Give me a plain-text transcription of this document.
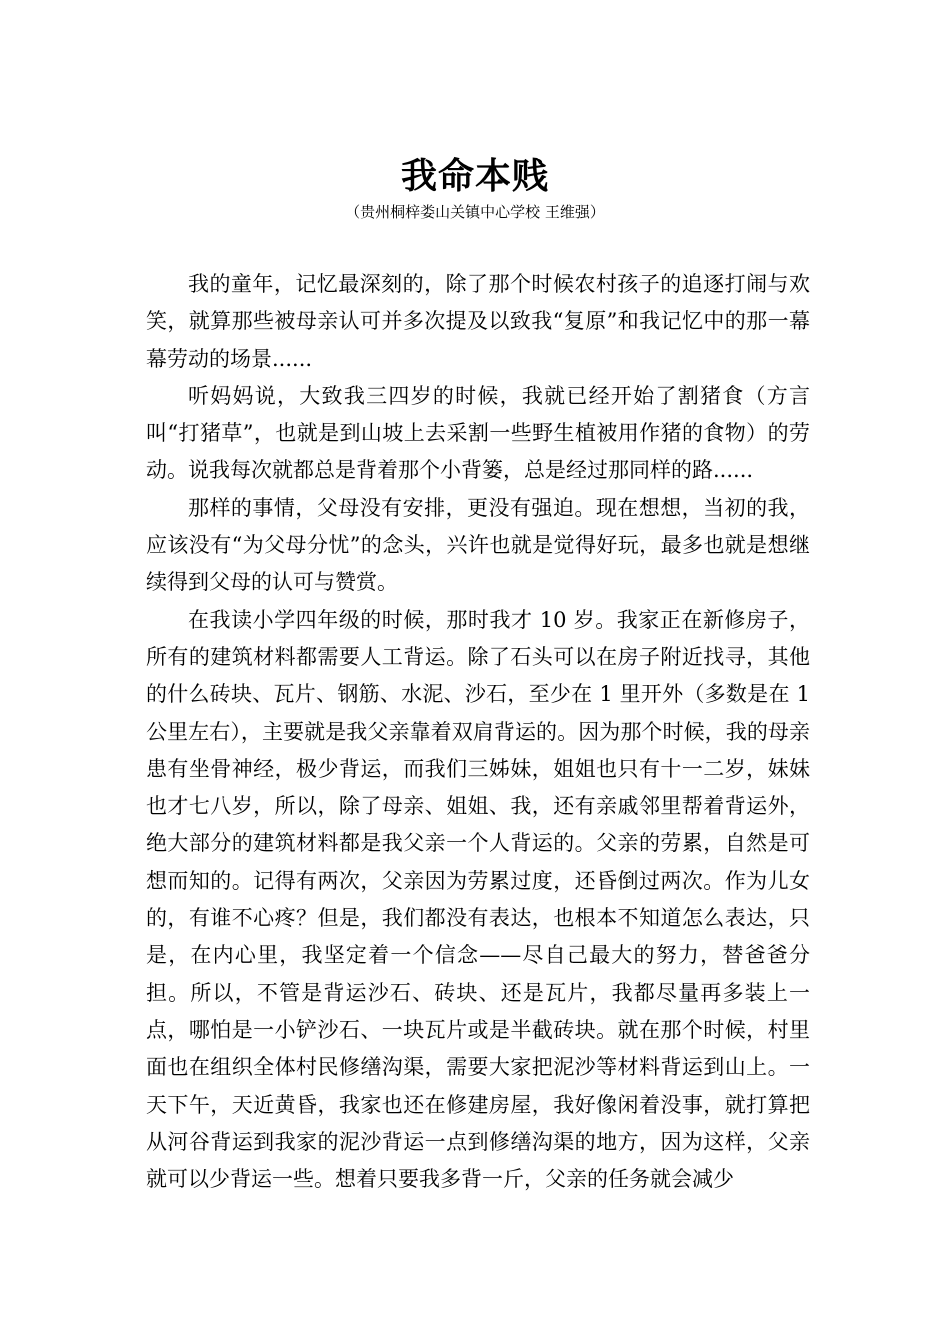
我命本贱
（贵州桐梓娄山关镇中心学校 王维强）

我的童年，记忆最深刻的，除了那个时候农村孩子的追逐打闹与欢笑，就算那些被母亲认可并多次提及以致我“复原”和我记忆中的那一幕幕劳动的场景......

听妈妈说，大致我三四岁的时候，我就已经开始了割猪食（方言叫“打猪草”，也就是到山坡上去采割一些野生植被用作猪的食物）的劳动。说我每次就都总是背着那个小背篓，总是经过那同样的路......

那样的事情，父母没有安排，更没有强迫。现在想想，当初的我，应该没有“为父母分忧”的念头，兴许也就是觉得好玩，最多也就是想继续得到父母的认可与赞赏。

在我读小学四年级的时候，那时我才 10 岁。我家正在新修房子，所有的建筑材料都需要人工背运。除了石头可以在房子附近找寻，其他的什么砖块、瓦片、钢筋、水泥、沙石，至少在 1 里开外（多数是在 1 公里左右），主要就是我父亲靠着双肩背运的。因为那个时候，我的母亲患有坐骨神经，极少背运，而我们三姊妹，姐姐也只有十一二岁，妹妹也才七八岁，所以，除了母亲、姐姐、我，还有亲戚邻里帮着背运外，绝大部分的建筑材料都是我父亲一个人背运的。父亲的劳累，自然是可想而知的。记得有两次，父亲因为劳累过度，还昏倒过两次。作为儿女的，有谁不心疼？但是，我们都没有表达，也根本不知道怎么表达，只是，在内心里，我坚定着一个信念——尽自己最大的努力，替爸爸分担。所以，不管是背运沙石、砖块、还是瓦片，我都尽量再多装上一点，哪怕是一小铲沙石、一块瓦片或是半截砖块。就在那个时候，村里面也在组织全体村民修缮沟渠，需要大家把泥沙等材料背运到山上。一天下午，天近黄昏，我家也还在修建房屋，我好像闲着没事，就打算把从河谷背运到我家的泥沙背运一点到修缮沟渠的地方，因为这样，父亲就可以少背运一些。想着只要我多背一斤，父亲的任务就会减少
